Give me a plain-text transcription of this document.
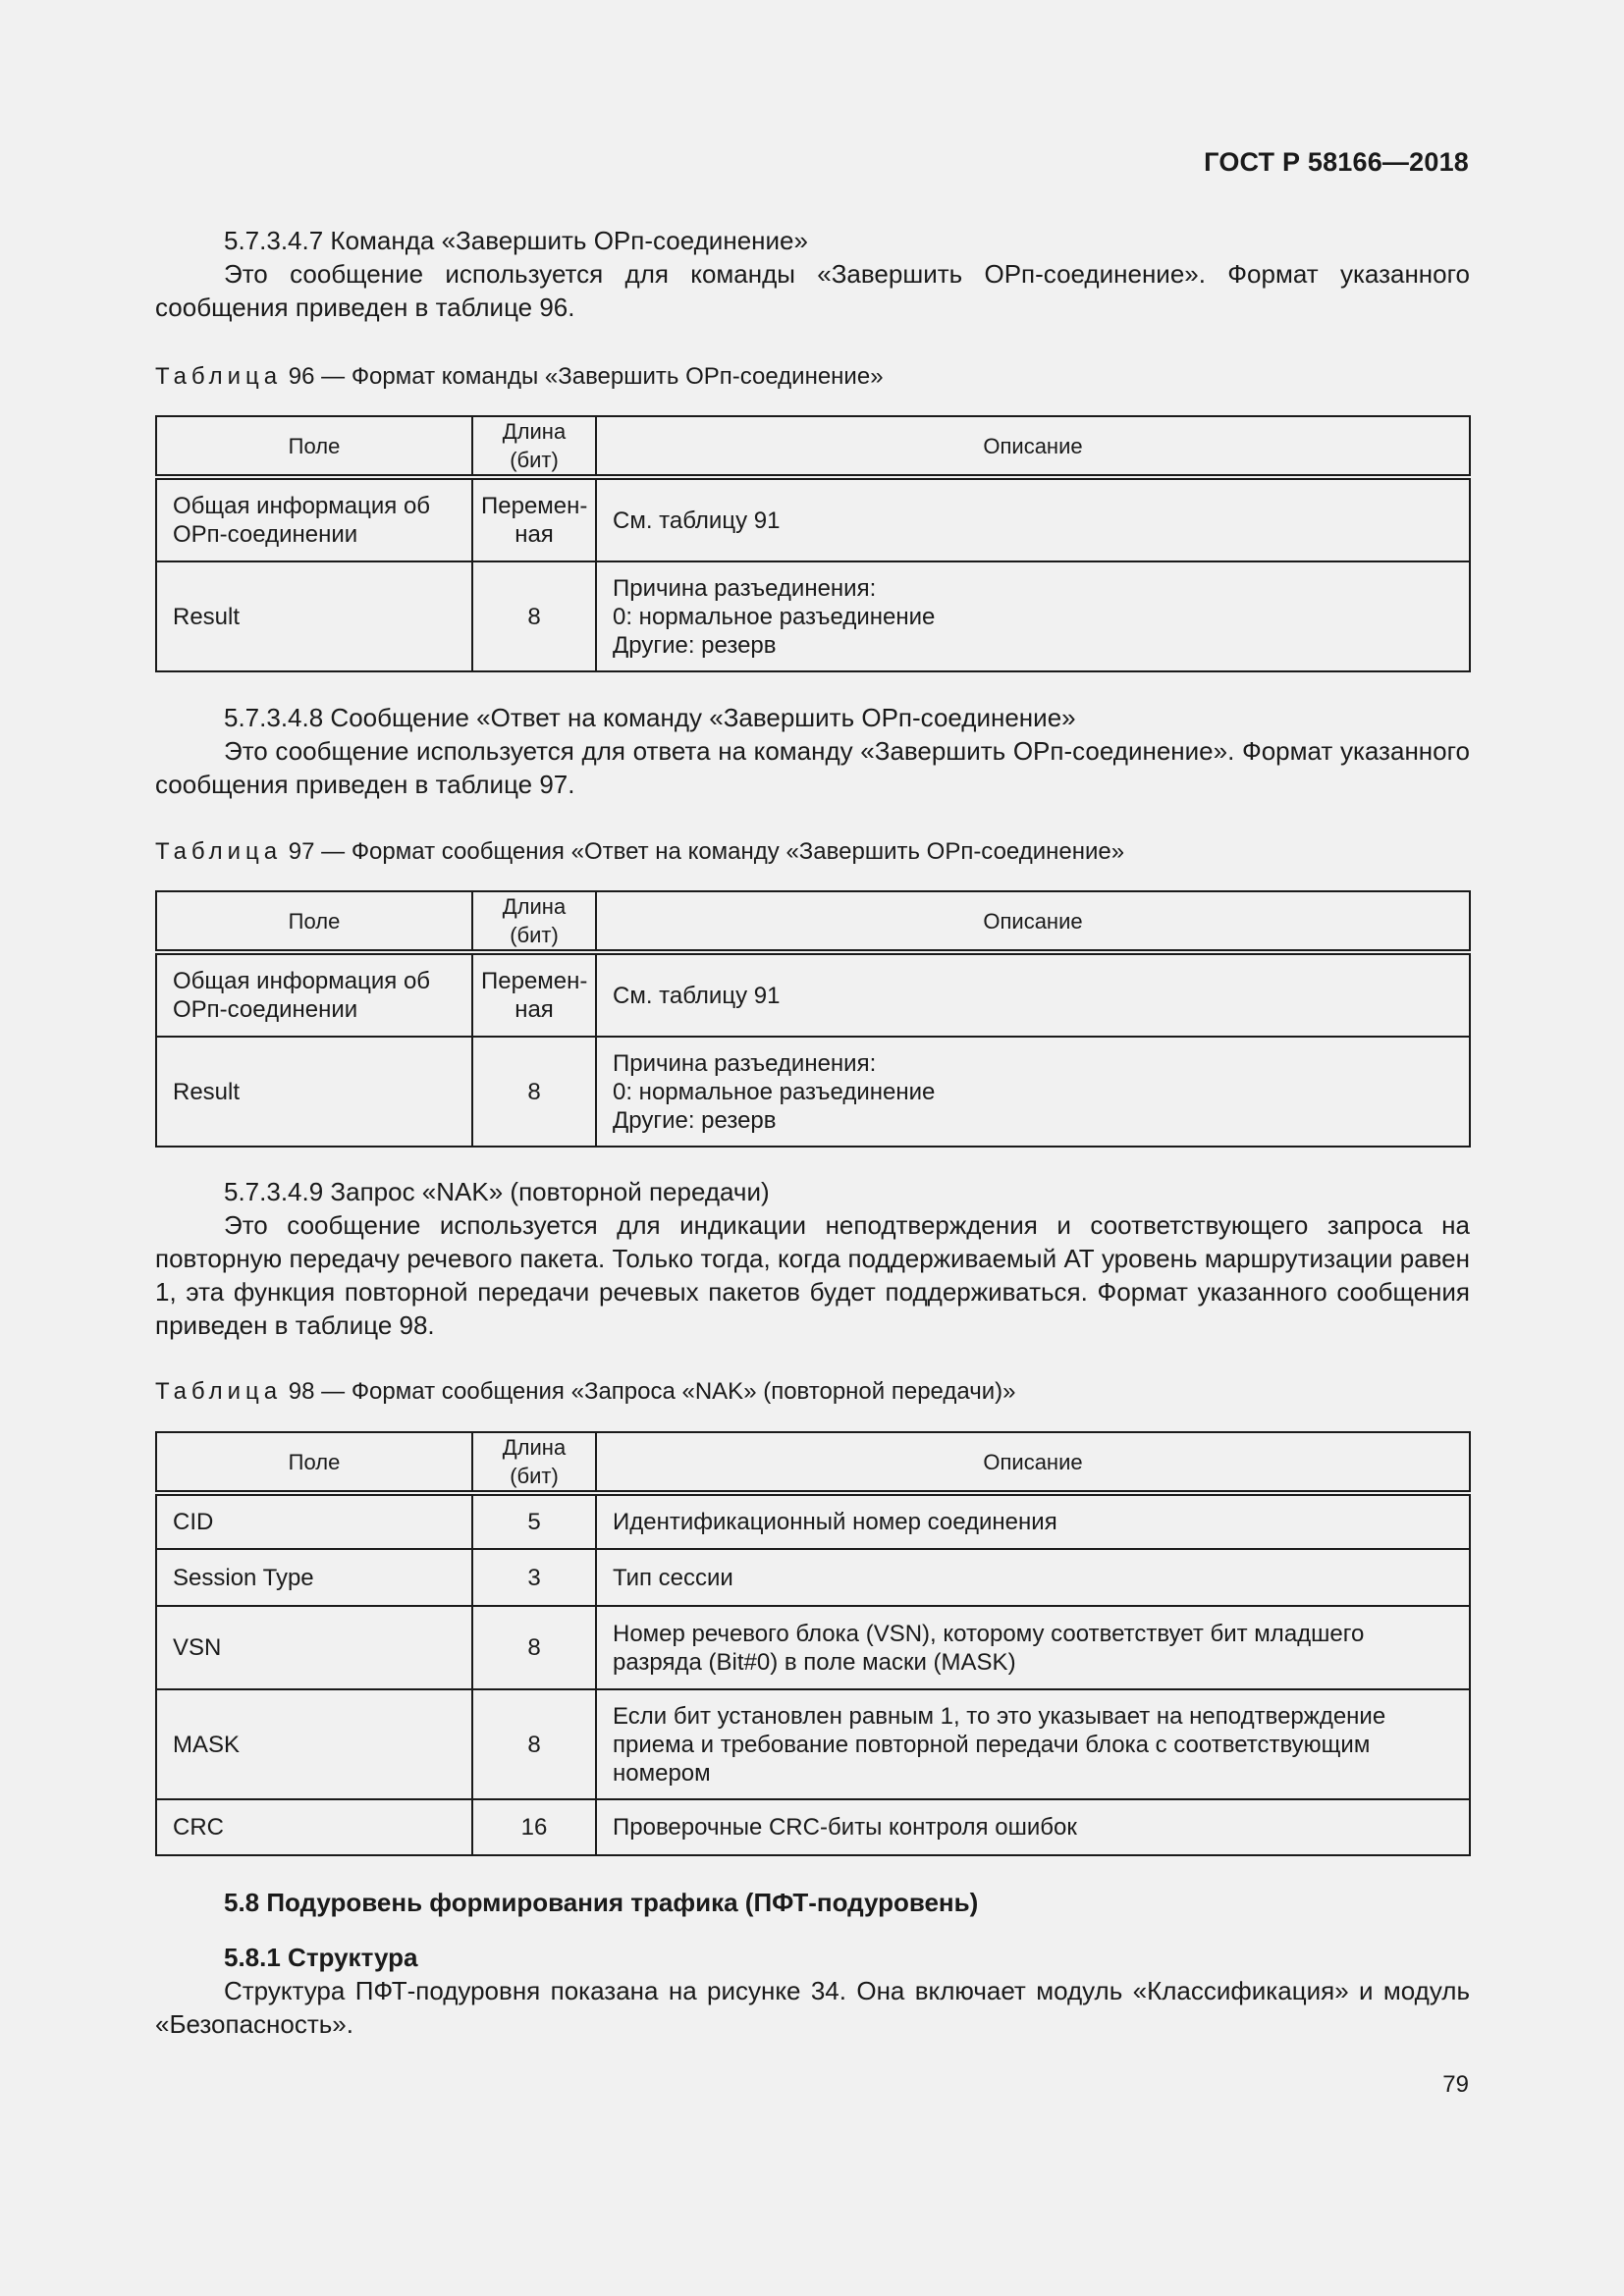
ГОСТ Р 58166—2018

5.7.3.4.7 Команда «Завершить ОРп-соединение»

Это сообщение используется для команды «Завершить ОРп-соединение». Формат указанного сообщения приведен в таблице 96.

Таблица 96 — Формат команды «Завершить ОРп-соединение»
Поле	Длина (бит)	Описание
Общая информация об ОРп-соединении	Перемен-ная	См. таблицу 91

Result	8	Причина разъединения:
0: нормальное разъединение
Другие: резерв

5.7.3.4.8 Сообщение «Ответ на команду «Завершить ОРп-соединение»

Это сообщение используется для ответа на команду «Завершить ОРп-соединение». Формат указанного сообщения приведен в таблице 97.

Таблица 97 — Формат сообщения «Ответ на команду «Завершить ОРп-соединение»
Поле	Длина (бит)	Описание
Общая информация об ОРп-соединении	Перемен-ная	См. таблицу 91

Result	8	Причина разъединения:
0: нормальное разъединение
Другие: резерв

5.7.3.4.9 Запрос «NAK» (повторной передачи)

Это сообщение используется для индикации неподтверждения и соответствующего запроса на повторную передачу речевого пакета. Только тогда, когда поддерживаемый АТ уровень маршрутизации равен 1, эта функция повторной передачи речевых пакетов будет поддерживаться. Формат указанного сообщения приведен в таблице 98.

Таблица 98 — Формат сообщения «Запроса «NAK» (повторной передачи)»
Поле	Длина (бит)	Описание
CID	5	Идентификационный номер соединения
Session Type	3	Тип сессии
VSN	8	Номер речевого блока (VSN), которому соответствует бит младшего разряда (Bit#0) в поле маски (MASK)
MASK	8	Если бит установлен равным 1, то это указывает на неподтверждение приема и требование повторной передачи блока с соответствующим номером
CRC	16	Проверочные CRC-биты контроля ошибок

5.8 Подуровень формирования трафика (ПФТ-подуровень)

5.8.1 Структура

Структура ПФТ-подуровня показана на рисунке 34. Она включает модуль «Классификация» и модуль «Безопасность».

79
